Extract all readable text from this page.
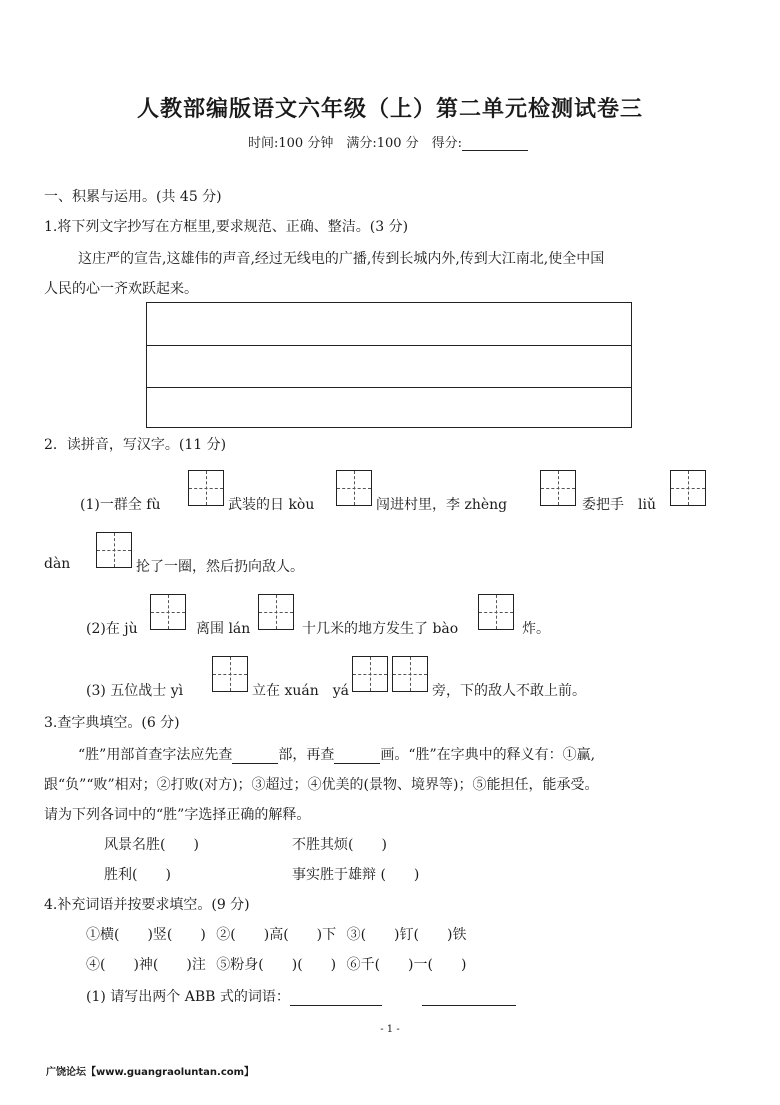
人教部编版语文六年级（上）第二单元检测试卷三
时间:100 分钟　满分:100 分　得分:
一、积累与运用。(共 45 分)
1.将下列文字抄写在方框里,要求规范、正确、整洁。(3 分)
这庄严的宣告,这雄伟的声音,经过无线电的广播,传到长城内外,传到大江南北,使全中国
人民的心一齐欢跃起来。
2．读拼音，写汉字。(11 分)
(1)一群全 fù	武装的日 kòu	闯进村里，李 zhèng	委把手　liǔ
dàn	抡了一圈，然后扔向敌人。
(2)在 jù	离围 lán	十几米的地方发生了 bào	炸。
(3) 五位战士 yì	立在 xuán　yá	旁，下的敌人不敢上前。
3.查字典填空。(6 分)
“胜”用部首查字法应先查	部，再查	画。“胜”在字典中的释义有：①赢,
跟“负”“败”相对；②打败(对方)；③超过；④优美的(景物、境界等)；⑤能担任，能承受。
请为下列各词中的“胜”字选择正确的解释。
风景名胜(　　)	不胜其烦(　　)
胜利(　　)	事实胜于雄辩 (　　)
4.补充词语并按要求填空。(9 分)
①横(　　)竖(　　) ②(　　)高(　　)下 ③(　　)钉(　　)铁
④(　　)神(　　)注 ⑤粉身(　　)(　　) ⑥千(　　)一(　　)
(1) 请写出两个 ABB 式的词语：
- 1 -
广饶论坛【www.guangraoluntan.com】
